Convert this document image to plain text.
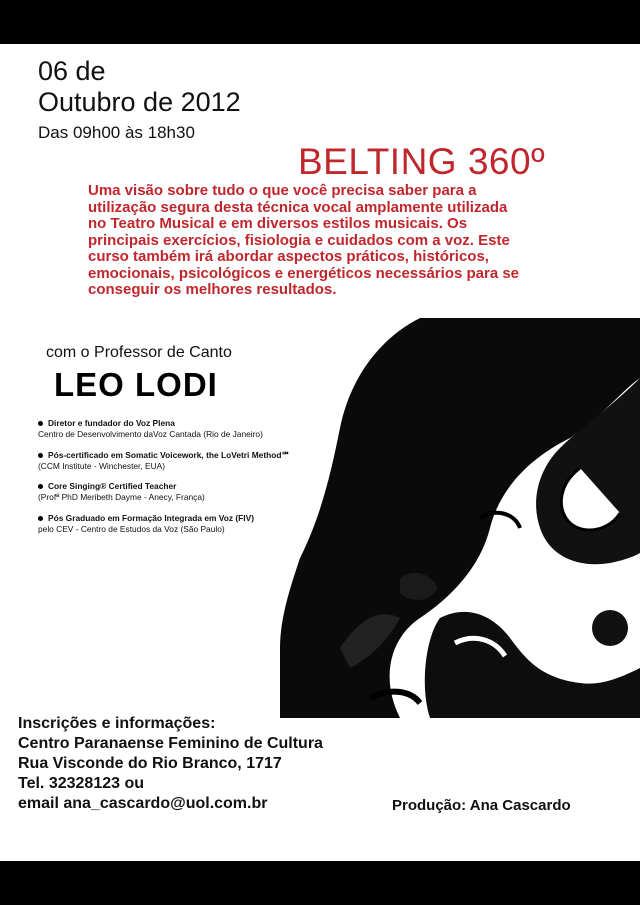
06 de
Outubro de 2012
Das 09h00 às 18h30
BELTING 360º
Uma visão sobre tudo o que você precisa saber para a utilização segura desta técnica vocal amplamente utilizada no Teatro Musical e em diversos estilos musicais. Os principais exercícios, fisiologia e cuidados com a voz. Este curso também irá abordar aspectos práticos, históricos, emocionais, psicológicos e energéticos necessários para se conseguir os melhores resultados.
com o Professor de Canto
LEO LODI
Diretor e fundador do Voz Plena
Centro de Desenvolvimento daVoz Cantada (Rio de Janeiro)
Pós-certificado em Somatic Voicework, the LoVetri Method℠
(CCM Institute - Winchester, EUA)
Core Singing® Certified Teacher
(Profª PhD Meribeth Dayme - Anecy, França)
Pós Graduado em Formação Integrada em Voz (FIV)
pelo CEV - Centro de Estudos da Voz (São Paulo)
Inscrições e informações:
Centro Paranaense Feminino de Cultura
Rua Visconde do Rio Branco, 1717
Tel. 32328123 ou
email ana_cascardo@uol.com.br	Produção: Ana Cascardo
